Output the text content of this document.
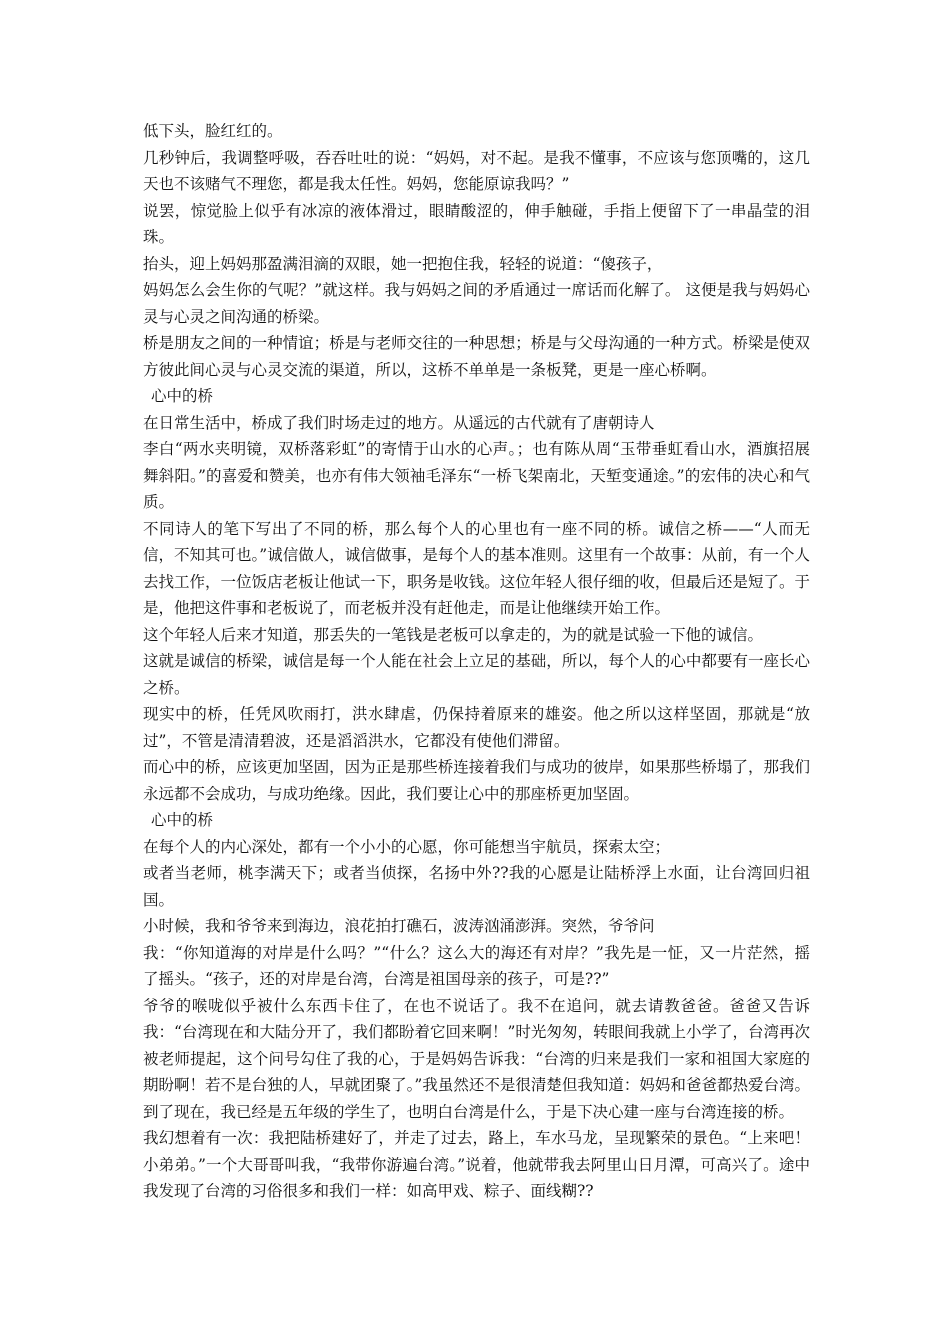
低下头，脸红红的。

几秒钟后，我调整呼吸，吞吞吐吐的说：“妈妈，对不起。是我不懂事，不应该与您顶嘴的，这几天也不该赌气不理您，都是我太任性。妈妈，您能原谅我吗？”

说罢，惊觉脸上似乎有冰凉的液体滑过，眼睛酸涩的，伸手触碰，手指上便留下了一串晶莹的泪珠。

抬头，迎上妈妈那盈满泪滴的双眼，她一把抱住我，轻轻的说道：“傻孩子，

妈妈怎么会生你的气呢？”就这样。我与妈妈之间的矛盾通过一席话而化解了。 这便是我与妈妈心灵与心灵之间沟通的桥梁。

桥是朋友之间的一种情谊；桥是与老师交往的一种思想；桥是与父母沟通的一种方式。桥梁是使双方彼此间心灵与心灵交流的渠道，所以，这桥不单单是一条板凳，更是一座心桥啊。

心中的桥

在日常生活中，桥成了我们时场走过的地方。从遥远的古代就有了唐朝诗人

李白“两水夹明镜，双桥落彩虹”的寄情于山水的心声。；也有陈从周“玉带垂虹看山水，酒旗招展舞斜阳。”的喜爱和赞美，也亦有伟大领袖毛泽东“一桥飞架南北，天堑变通途。”的宏伟的决心和气质。

不同诗人的笔下写出了不同的桥，那么每个人的心里也有一座不同的桥。诚信之桥——“人而无信，不知其可也。”诚信做人，诚信做事，是每个人的基本准则。这里有一个故事：从前，有一个人去找工作，一位饭店老板让他试一下，职务是收钱。这位年轻人很仔细的收，但最后还是短了。于是，他把这件事和老板说了，而老板并没有赶他走，而是让他继续开始工作。

这个年轻人后来才知道，那丢失的一笔钱是老板可以拿走的，为的就是试验一下他的诚信。

这就是诚信的桥梁，诚信是每一个人能在社会上立足的基础，所以，每个人的心中都要有一座长心之桥。

现实中的桥，任凭风吹雨打，洪水肆虐，仍保持着原来的雄姿。他之所以这样坚固，那就是“放过”，不管是清清碧波，还是滔滔洪水，它都没有使他们滞留。

而心中的桥，应该更加坚固，因为正是那些桥连接着我们与成功的彼岸，如果那些桥塌了，那我们永远都不会成功，与成功绝缘。因此，我们要让心中的那座桥更加坚固。

心中的桥

在每个人的内心深处，都有一个小小的心愿，你可能想当宇航员，探索太空；

或者当老师，桃李满天下；或者当侦探，名扬中外??我的心愿是让陆桥浮上水面，让台湾回归祖国。

小时候，我和爷爷来到海边，浪花拍打礁石，波涛汹涌澎湃。突然，爷爷问

我：“你知道海的对岸是什么吗？”“什么？这么大的海还有对岸？”我先是一怔，又一片茫然，摇了摇头。“孩子，还的对岸是台湾，台湾是祖国母亲的孩子，可是??”

爷爷的喉咙似乎被什么东西卡住了，在也不说话了。我不在追问，就去请教爸爸。爸爸又告诉我：“台湾现在和大陆分开了，我们都盼着它回来啊！”时光匆匆，转眼间我就上小学了，台湾再次被老师提起，这个问号勾住了我的心，于是妈妈告诉我：“台湾的归来是我们一家和祖国大家庭的期盼啊！若不是台独的人，早就团聚了。”我虽然还不是很清楚但我知道：妈妈和爸爸都热爱台湾。到了现在，我已经是五年级的学生了，也明白台湾是什么，于是下决心建一座与台湾连接的桥。

我幻想着有一次：我把陆桥建好了，并走了过去，路上，车水马龙，呈现繁荣的景色。“上来吧！小弟弟。”一个大哥哥叫我，“我带你游遍台湾。”说着，他就带我去阿里山日月潭，可高兴了。途中我发现了台湾的习俗很多和我们一样：如高甲戏、粽子、面线糊??
